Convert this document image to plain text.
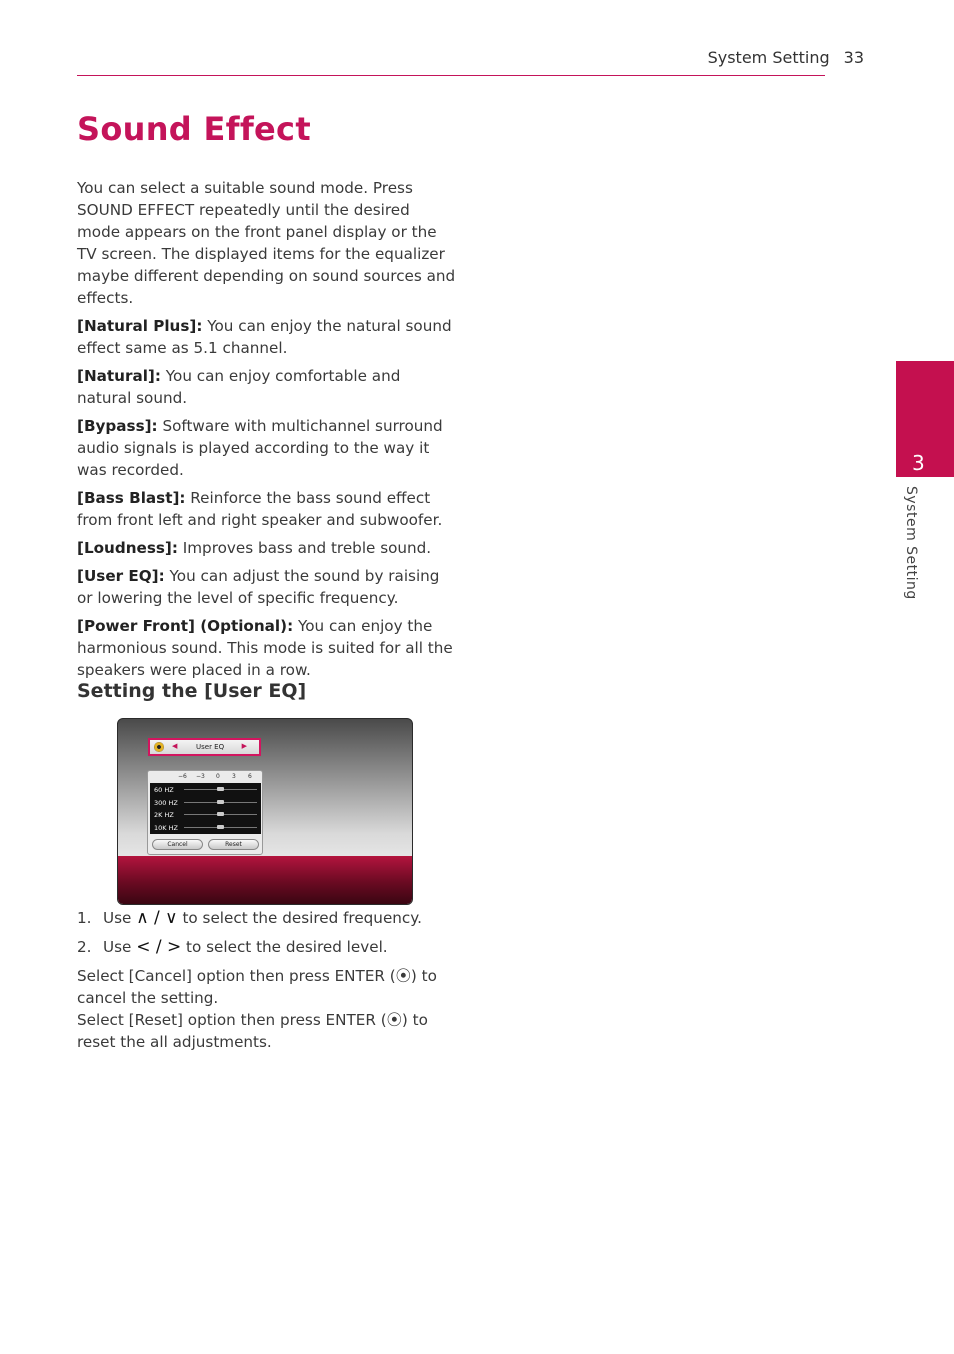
System Setting 33
Sound Effect

You can select a suitable sound mode. Press SOUND EFFECT repeatedly until the desired mode appears on the front panel display or the TV screen. The displayed items for the equalizer maybe different depending on sound sources and effects.

[Natural Plus]: You can enjoy the natural sound effect same as 5.1 channel.

[Natural]: You can enjoy comfortable and natural sound.

[Bypass]: Software with multichannel surround audio signals is played according to the way it was recorded.

[Bass Blast]: Reinforce the bass sound effect from front left and right speaker and subwoofer.

[Loudness]: Improves bass and treble sound.

[User EQ]: You can adjust the sound by raising or lowering the level of specific frequency.

[Power Front] (Optional): You can enjoy the harmonious sound. This mode is suited for all the speakers were placed in a row.

Setting the [User EQ]
◀	User EQ ▶
−6 −3 0 3 6
60 HZ
300 HZ
2K HZ
10K HZ
Cancel	Reset
1. Use ∧ / ∨ to select the desired frequency.
2. Use < / > to select the desired level.

Select [Cancel] option then press ENTER (⦿) to cancel the setting.

Select [Reset] option then press ENTER (⦿) to reset the all adjustments.

3
System Setting
